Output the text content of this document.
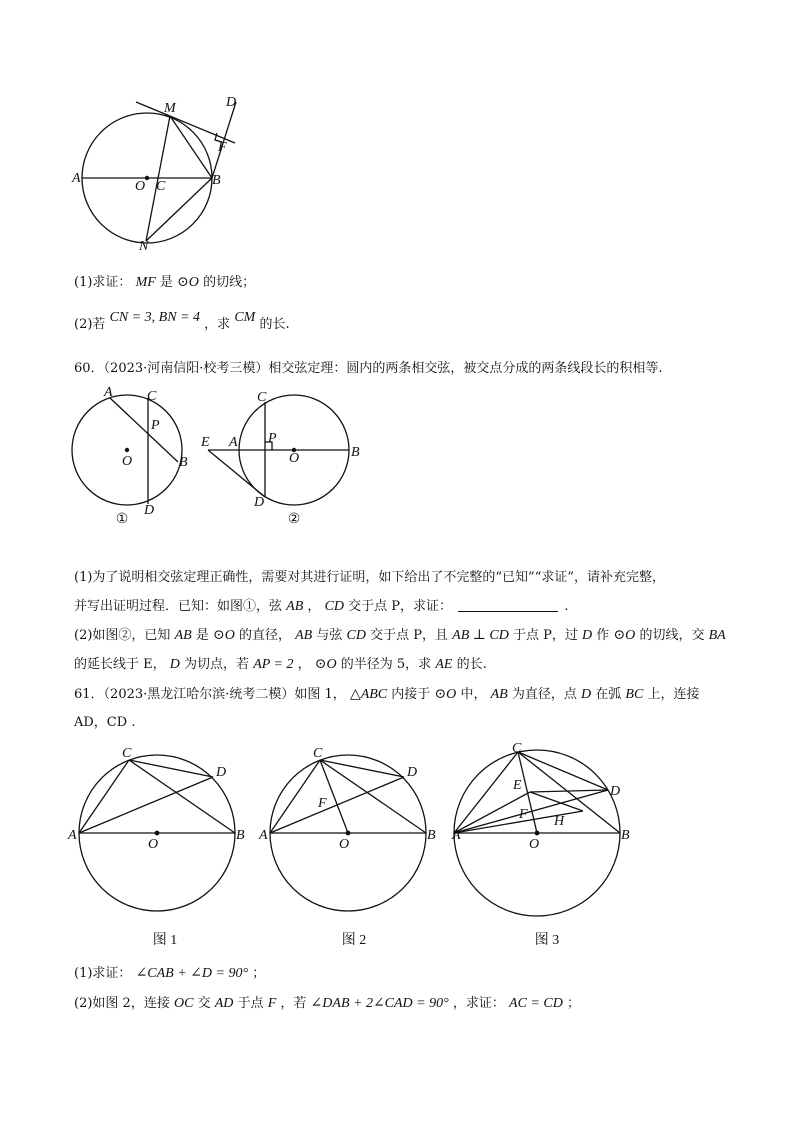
M	D
F
A
O C	B
N
(1)求证： MF 是 ⊙O 的切线；
(2)若 CN = 3, BN = 4 ，求 CM 的长.
60．（2023·河南信阳·校考三模）相交弦定理：圆内的两条相交弦，被交点分成的两条线段长的积相等.
A C
P
O	B
D
①
C
E A P
O	B
D
②
(1)为了说明相交弦定理正确性，需要对其进行证明，如下给出了不完整的“已知”“求证”，请补充完整，
并写出证明过程．已知：如图①，弦 AB ， CD 交于点 P，求证：	.
(2)如图②，已知 AB 是 ⊙O 的直径， AB 与弦 CD 交于点 P，且 AB ⊥ CD 于点 P，过 D 作 ⊙O 的切线，交 BA
的延长线于 E， D 为切点，若 AP = 2 ， ⊙O 的半径为 5，求 AE 的长.
61．（2023·黑龙江哈尔滨·统考二模）如图 1， △ABC 内接于 ⊙O 中， AB 为直径，点 D 在弧 BC 上，连接
AD，CD .
C
D
A
O
B
图 1
C
D
F
A
O
B
图 2
C
E	D
F H
A
O
B
图 3
(1)求证： ∠CAB + ∠D = 90° ；
(2)如图 2，连接 OC 交 AD 于点 F ，若 ∠DAB + 2∠CAD = 90° ，求证： AC = CD ；
